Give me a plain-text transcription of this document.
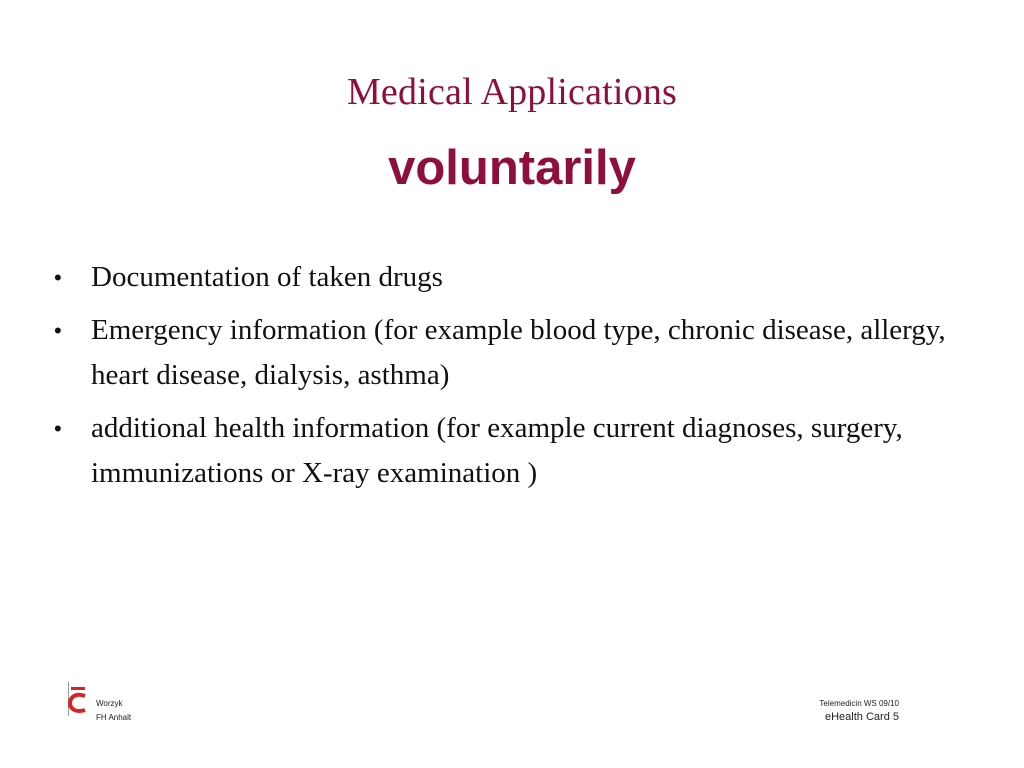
Medical Applications
voluntarily
• Documentation of taken drugs
• Emergency information (for example blood type, chronic disease, allergy, heart disease, dialysis, asthma)
• additional health information (for example current diagnoses, surgery, immunizations or X-ray examination )
Worzyk
FH Anhalt
Telemedicin WS 09/10
eHealth Card 5
